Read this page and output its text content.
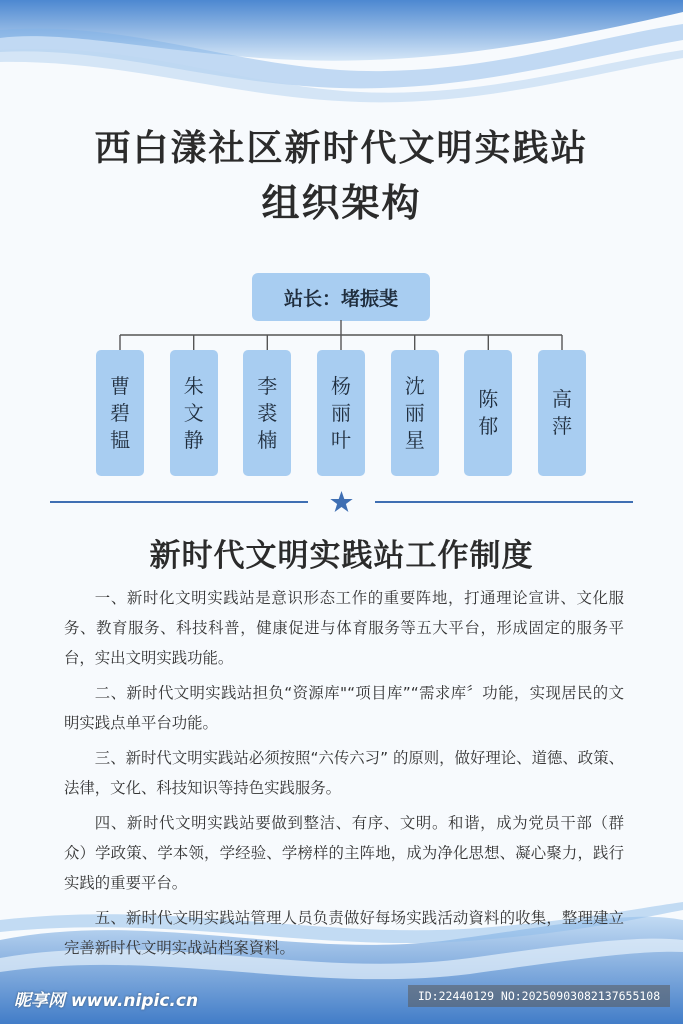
西白漾社区新时代文明实践站
组织架构
站长：堵振斐
曹
碧
韫
朱
文
静
李
裘
楠
杨
丽
叶
沈
丽
星
陈
郁
高
萍
新时代文明实践站工作制度

一、新时化文明实践站是意识形态工作的重要阵地，打通理论宣讲、文化服务、教育服务、科技科普，健康促进与体育服务等五大平台，形成固定的服务平台，实出文明实践功能。

二、新时代文明实践站担负“资源库"“项目库”“需求库〞功能，实现居民的文明实践点单平台功能。

三、新时代文明实践站必须按照“六传六习” 的原则，做好理论、道德、政策、法律，文化、科技知识等持色实践服务。

四、新时代文明实践站要做到整洁、有序、文明。和谐，成为党员干部（群众）学政策、学本领，学经验、学榜样的主阵地，成为净化思想、凝心聚力，践行实践的重要平台。

五、新时代文明实践站管理人员负责做好每场实践活动資料的收集，整理建立完善新时代文明实战站档案資料。

昵享网 www.nipic.cn	ID:22440129 NO:20250903082137655108
